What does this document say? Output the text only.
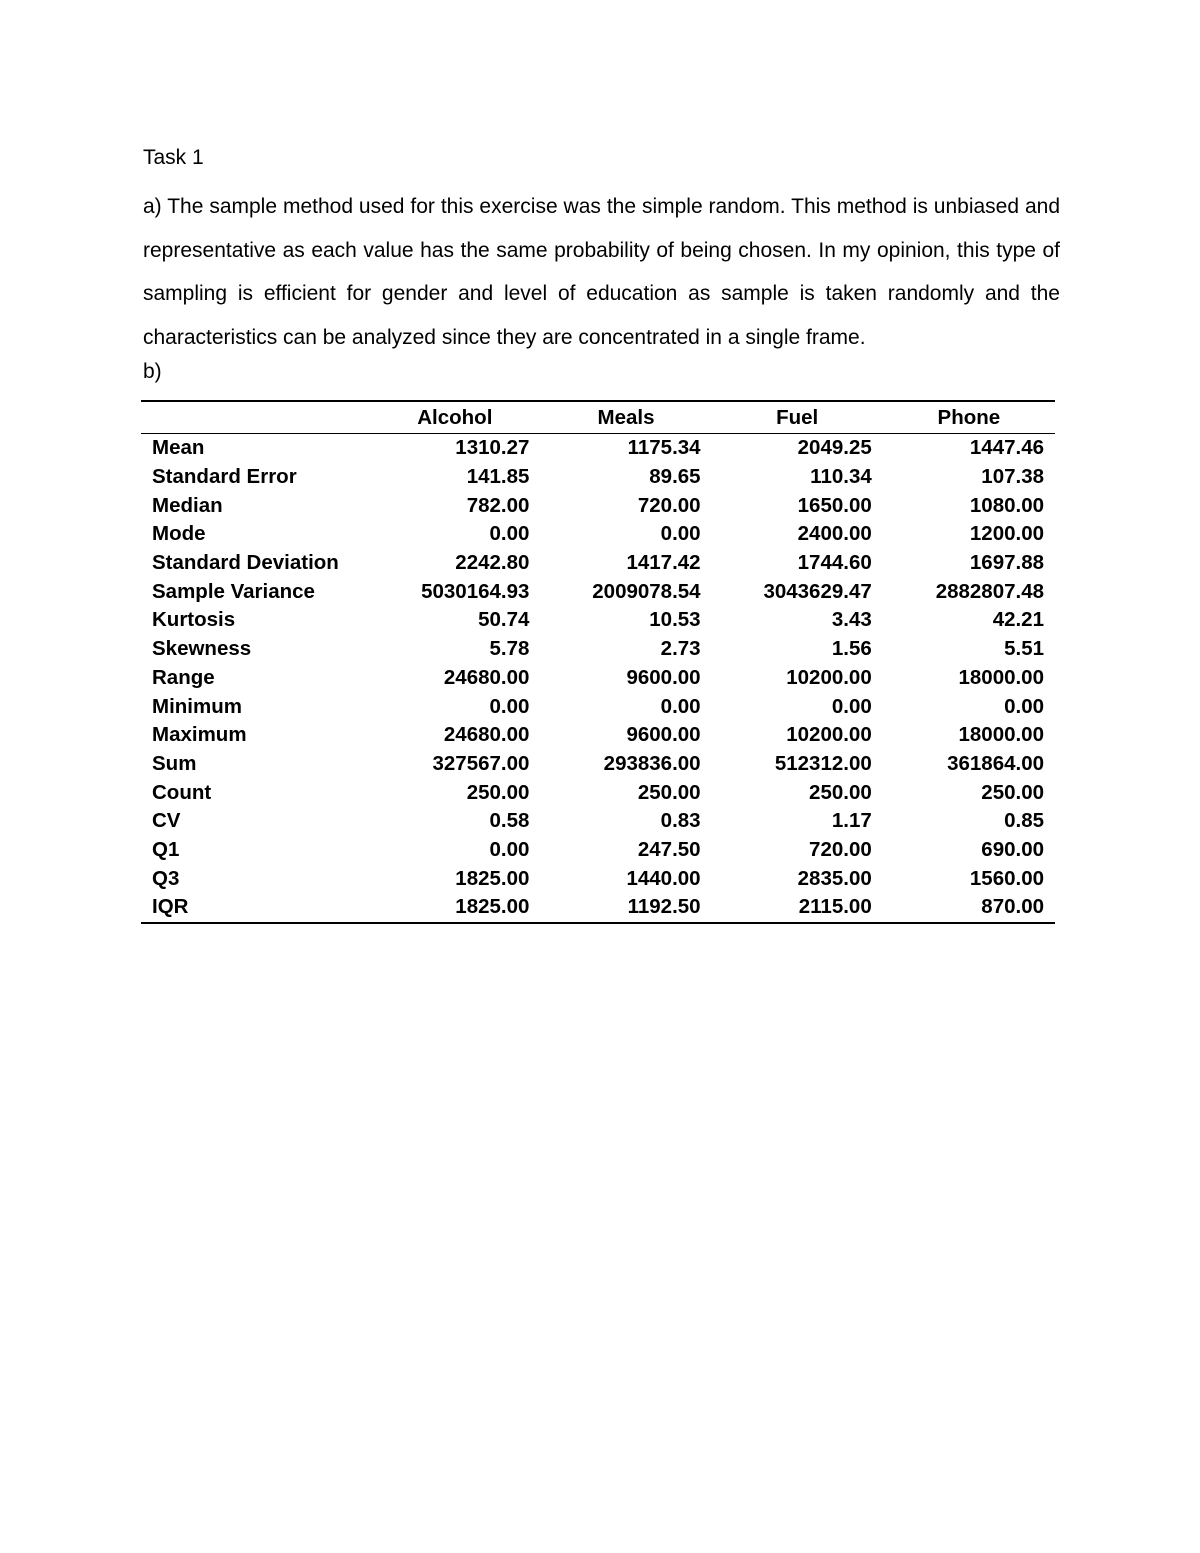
Task 1

a) The sample method used for this exercise was the simple random. This method is unbiased and representative as each value has the same probability of being chosen. In my opinion, this type of sampling is efficient for gender and level of education as sample is taken randomly and the characteristics can be analyzed since they are concentrated in a single frame.

b)

	Alcohol	Meals	Fuel	Phone
Mean	1310.27	1175.34	2049.25	1447.46
Standard Error	141.85	89.65	110.34	107.38
Median	782.00	720.00	1650.00	1080.00
Mode	0.00	0.00	2400.00	1200.00
Standard Deviation	2242.80	1417.42	1744.60	1697.88
Sample Variance	5030164.93	2009078.54	3043629.47	2882807.48
Kurtosis	50.74	10.53	3.43	42.21
Skewness	5.78	2.73	1.56	5.51
Range	24680.00	9600.00	10200.00	18000.00
Minimum	0.00	0.00	0.00	0.00
Maximum	24680.00	9600.00	10200.00	18000.00
Sum	327567.00	293836.00	512312.00	361864.00
Count	250.00	250.00	250.00	250.00
CV	0.58	0.83	1.17	0.85
Q1	0.00	247.50	720.00	690.00
Q3	1825.00	1440.00	2835.00	1560.00
IQR	1825.00	1192.50	2115.00	870.00
